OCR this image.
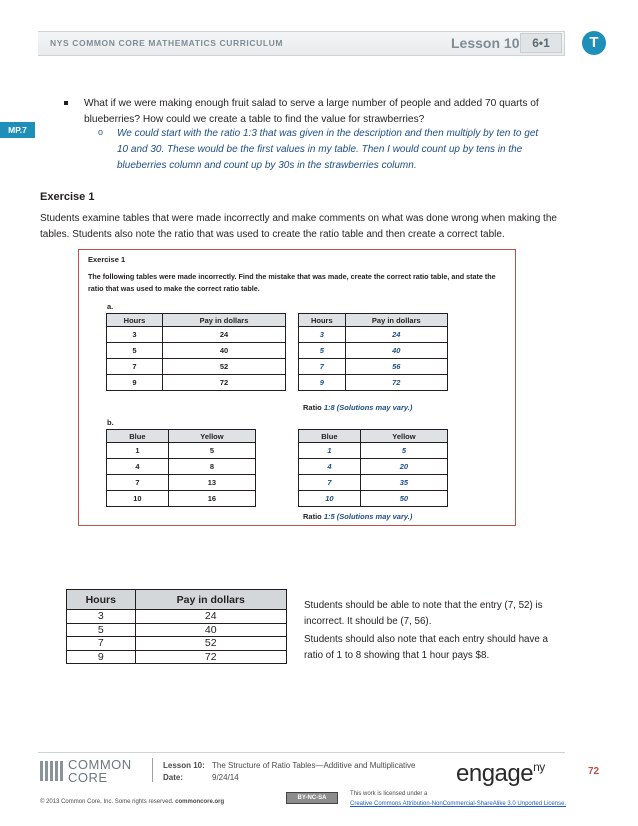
NYS COMMON CORE MATHEMATICS CURRICULUM	Lesson 10	6•1	T
What if we were making enough fruit salad to serve a large number of people and added 70 quarts of blueberries? How could we create a table to find the value for strawberries?
MP.7	o We could start with the ratio 1:3 that was given in the description and then multiply by ten to get 10 and 30. These would be the first values in my table. Then I would count up by tens in the blueberries column and count up by 30s in the strawberries column.
Exercise 1
Students examine tables that were made incorrectly and make comments on what was done wrong when making the tables. Students also note the ratio that was used to create the ratio table and then create a correct table.
Exercise 1
The following tables were made incorrectly. Find the mistake that was made, create the correct ratio table, and state the ratio that was used to make the correct ratio table.
a.
Hours	Pay in dollars
3	24
5	40
7	52
9	72
Hours	Pay in dollars
3	24
5	40
7	56
9	72
Ratio 1:8 (Solutions may vary.)
b.
Blue	Yellow
1	5
4	8
7	13
10	16
Blue	Yellow
1	5
4	20
7	35
10	50
Ratio 1:5 (Solutions may vary.)
Hours	Pay in dollars
3	24
5	40
7	52
9	72
Students should be able to note that the entry (7, 52) is incorrect. It should be (7, 56).
Students should also note that each entry should have a ratio of 1 to 8 showing that 1 hour pays $8.
COMMON
CORE
Lesson 10: The Structure of Ratio Tables—Additive and Multiplicative
Date:	9/24/14	engage$^{ny}$	72
© 2013 Common Core, Inc. Some rights reserved. commoncore.org
BY-NC-SA
This work is licensed under a
Creative Commons Attribution-NonCommercial-ShareAlike 3.0 Unported License.
